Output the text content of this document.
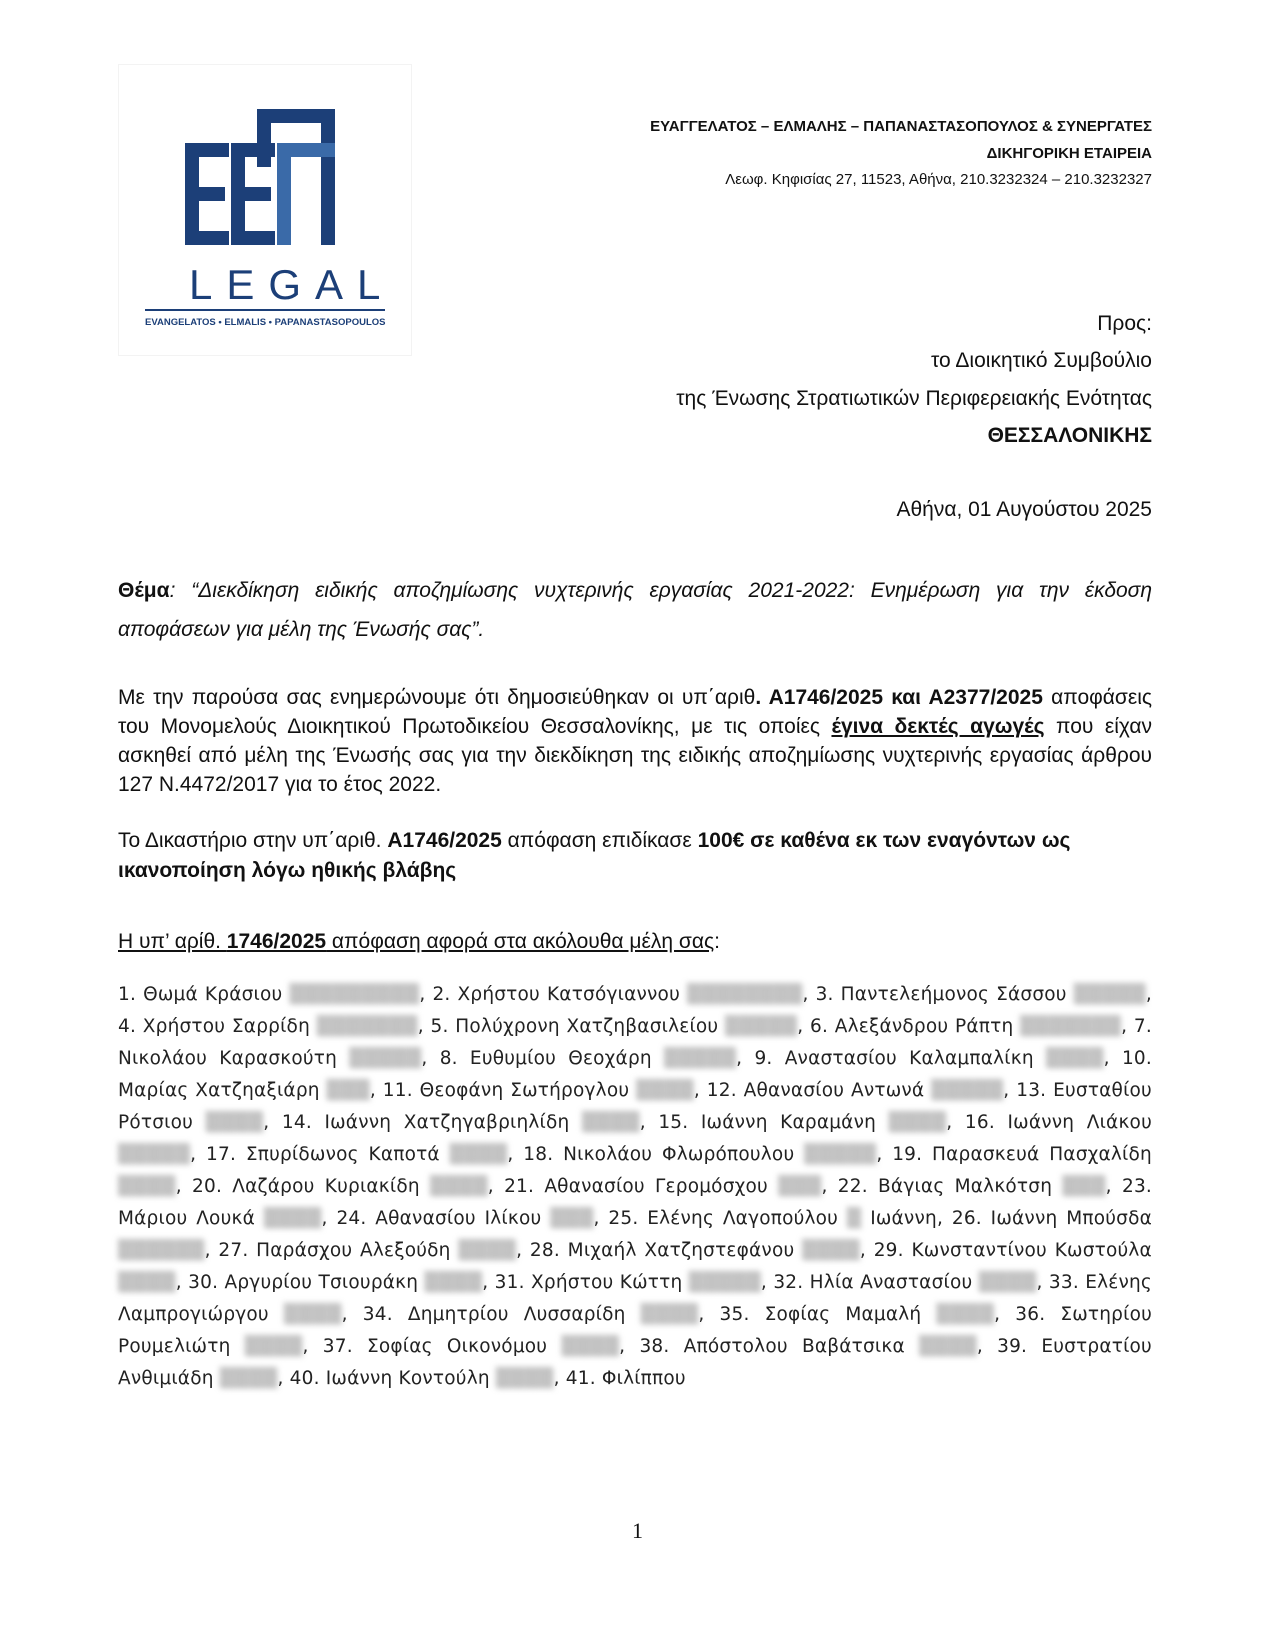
LEGAL
EVANGELATOS • ELMALIS • PAPANASTASOPOULOS
ΕΥΑΓΓΕΛΑΤΟΣ – ΕΛΜΑΛΗΣ – ΠΑΠΑΝΑΣΤΑΣΟΠΟΥΛΟΣ & ΣΥΝΕΡΓΑΤΕΣ
ΔΙΚΗΓΟΡΙΚΗ ΕΤΑΙΡΕΙΑ
Λεωφ. Κηφισίας 27, 11523, Αθήνα, 210.3232324 – 210.3232327
Προς:
το Διοικητικό Συμβούλιο
της Ένωσης Στρατιωτικών Περιφερειακής Ενότητας
ΘΕΣΣΑΛΟΝΙΚΗΣ
Αθήνα, 01 Αυγούστου 2025
Θέμα: “Διεκδίκηση ειδικής αποζημίωσης νυχτερινής εργασίας 2021-2022: Ενημέρωση για την έκδοση αποφάσεων για μέλη της Ένωσής σας”.
Με την παρούσα σας ενημερώνουμε ότι δημοσιεύθηκαν οι υπ΄αριθ. Α1746/2025 και Α2377/2025 αποφάσεις του Μονομελούς Διοικητικού Πρωτοδικείου Θεσσαλονίκης, με τις οποίες έγινα δεκτές αγωγές που είχαν ασκηθεί από μέλη της Ένωσής σας για την διεκδίκηση της ειδικής αποζημίωσης νυχτερινής εργασίας άρθρου 127 Ν.4472/2017 για το έτος 2022.
Το Δικαστήριο στην υπ΄αριθ. Α1746/2025 απόφαση επιδίκασε 100€ σε καθένα εκ των εναγόντων ως ικανοποίηση λόγω ηθικής βλάβης
Η υπ’ αρίθ. 1746/2025 απόφαση αφορά στα ακόλουθα μέλη σας:
1. Θωμά Κράσιου ▒▒▒▒▒▒▒▒▒, 2. Χρήστου Κατσόγιαννου ▒▒▒▒▒▒▒▒, 3. Παντελεήμονος Σάσσου ▒▒▒▒▒, 4. Χρήστου Σαρρίδη ▒▒▒▒▒▒▒, 5. Πολύχρονη Χατζηβασιλείου ▒▒▒▒▒, 6. Αλεξάνδρου Ράπτη ▒▒▒▒▒▒▒, 7. Νικολάου Καρασκούτη ▒▒▒▒▒, 8. Ευθυμίου Θεοχάρη ▒▒▒▒▒, 9. Αναστασίου Καλαμπαλίκη ▒▒▒▒, 10. Μαρίας Χατζηαξιάρη ▒▒▒, 11. Θεοφάνη Σωτήρογλου ▒▒▒▒, 12. Αθανασίου Αντωνά ▒▒▒▒▒, 13. Ευσταθίου Ρότσιου ▒▒▒▒, 14. Ιωάννη Χατζηγαβριηλίδη ▒▒▒▒, 15. Ιωάννη Καραμάνη ▒▒▒▒, 16. Ιωάννη Λιάκου ▒▒▒▒▒, 17. Σπυρίδωνος Καποτά ▒▒▒▒, 18. Νικολάου Φλωρόπουλου ▒▒▒▒▒, 19. Παρασκευά Πασχαλίδη ▒▒▒▒, 20. Λαζάρου Κυριακίδη ▒▒▒▒, 21. Αθανασίου Γερομόσχου ▒▒▒, 22. Βάγιας Μαλκότση ▒▒▒, 23. Μάριου Λουκά ▒▒▒▒, 24. Αθανασίου Ιλίκου ▒▒▒, 25. Ελένης Λαγοπούλου ▒ Ιωάννη, 26. Ιωάννη Μπούσδα ▒▒▒▒▒▒, 27. Παράσχου Αλεξούδη ▒▒▒▒, 28. Μιχαήλ Χατζηστεφάνου ▒▒▒▒, 29. Κωνσταντίνου Κωστούλα ▒▒▒▒, 30. Αργυρίου Τσιουράκη ▒▒▒▒, 31. Χρήστου Κώττη ▒▒▒▒▒, 32. Ηλία Αναστασίου ▒▒▒▒, 33. Ελένης Λαμπρογιώργου ▒▒▒▒, 34. Δημητρίου Λυσσαρίδη ▒▒▒▒, 35. Σοφίας Μαμαλή ▒▒▒▒, 36. Σωτηρίου Ρουμελιώτη ▒▒▒▒, 37. Σοφίας Οικονόμου ▒▒▒▒, 38. Απόστολου Βαβάτσικα ▒▒▒▒, 39. Ευστρατίου Ανθιμιάδη ▒▒▒▒, 40. Ιωάννη Κοντούλη ▒▒▒▒, 41. Φιλίππου
1
